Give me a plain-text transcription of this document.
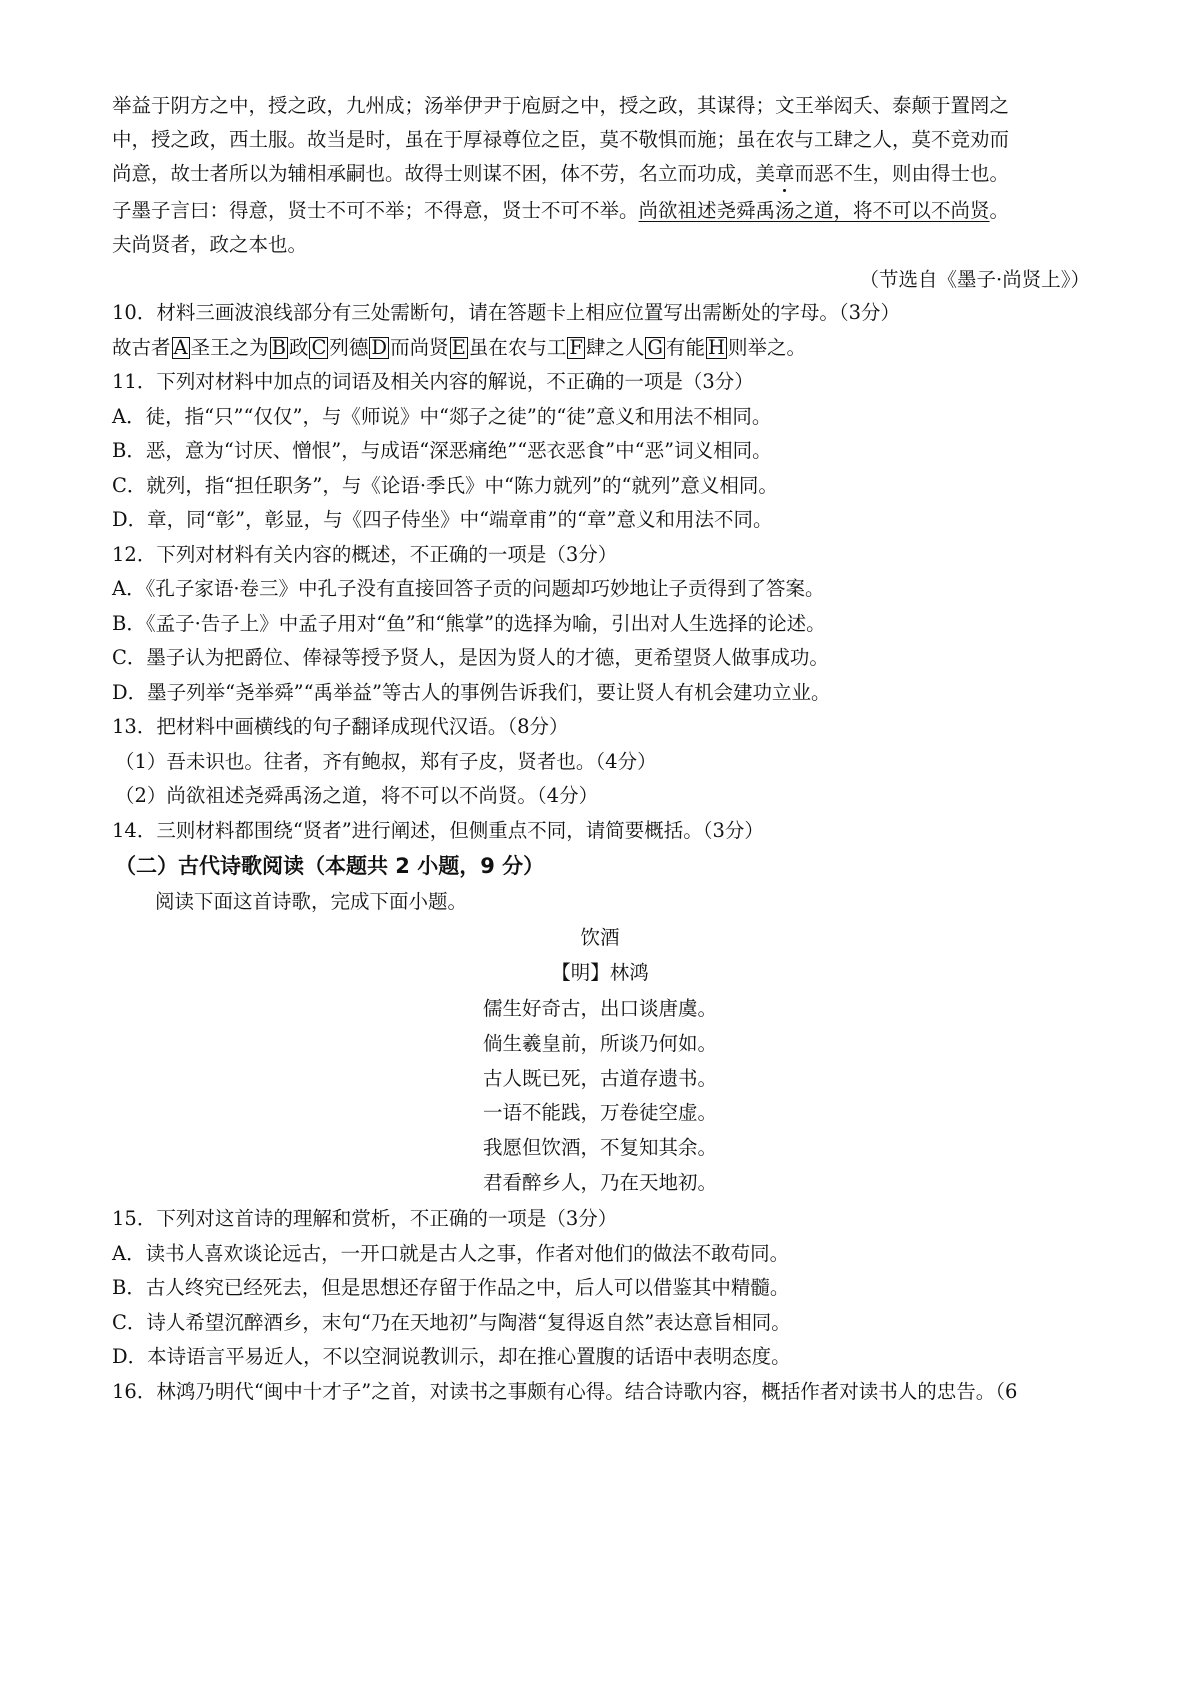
举益于阴方之中，授之政，九州成；汤举伊尹于庖厨之中，授之政，其谋得；文王举闳夭、泰颠于置罔之
中，授之政，西土服。故当是时，虽在于厚禄尊位之臣，莫不敬惧而施；虽在农与工肆之人，莫不竞劝而
尚意，故士者所以为辅相承嗣也。故得士则谋不困，体不劳，名立而功成，美章而恶不生，则由得士也。
子墨子言曰：得意，贤士不可不举；不得意，贤士不可不举。尚欲祖述尧舜禹汤之道，将不可以不尚贤。
夫尚贤者，政之本也。
（节选自《墨子·尚贤上》）
10．材料三画波浪线部分有三处需断句，请在答题卡上相应位置写出需断处的字母。（3分）
故古者 A 圣王之为 B 政 C 列德 D 而尚贤 E 虽在农与工 F 肆之人 G 有能 H 则举之。
11．下列对材料中加点的词语及相关内容的解说，不正确的一项是（3分）
A．徒，指“只”“仅仅”，与《师说》中“郯子之徒”的“徒”意义和用法不相同。
B．恶，意为“讨厌、憎恨”，与成语“深恶痛绝”“恶衣恶食”中“恶”词义相同。
C．就列，指“担任职务”，与《论语·季氏》中“陈力就列”的“就列”意义相同。
D．章，同“彰”，彰显，与《四子侍坐》中“端章甫”的“章”意义和用法不同。
12．下列对材料有关内容的概述，不正确的一项是（3分）
A．《孔子家语·卷三》中孔子没有直接回答子贡的问题却巧妙地让子贡得到了答案。
B．《孟子·告子上》中孟子用对“鱼”和“熊掌”的选择为喻，引出对人生选择的论述。
C．墨子认为把爵位、俸禄等授予贤人，是因为贤人的才德，更希望贤人做事成功。
D．墨子列举“尧举舜”“禹举益”等古人的事例告诉我们，要让贤人有机会建功立业。
13．把材料中画横线的句子翻译成现代汉语。（8分）
（1）吾未识也。往者，齐有鲍叔，郑有子皮，贤者也。（4分）
（2）尚欲祖述尧舜禹汤之道，将不可以不尚贤。（4分）
14．三则材料都围绕“贤者”进行阐述，但侧重点不同，请简要概括。（3分）
（二）古代诗歌阅读（本题共 2 小题，9 分）
阅读下面这首诗歌，完成下面小题。
饮酒
【明】林鸿
儒生好奇古，出口谈唐虞。
倘生羲皇前，所谈乃何如。
古人既已死，古道存遗书。
一语不能践，万卷徒空虚。
我愿但饮酒，不复知其余。
君看醉乡人，乃在天地初。
15．下列对这首诗的理解和赏析，不正确的一项是（3分）
A．读书人喜欢谈论远古，一开口就是古人之事，作者对他们的做法不敢苟同。
B．古人终究已经死去，但是思想还存留于作品之中，后人可以借鉴其中精髓。
C．诗人希望沉醉酒乡，末句“乃在天地初”与陶潜“复得返自然”表达意旨相同。
D．本诗语言平易近人，不以空洞说教训示，却在推心置腹的话语中表明态度。
16．林鸿乃明代“闽中十才子”之首，对读书之事颇有心得。结合诗歌内容，概括作者对读书人的忠告。（6
